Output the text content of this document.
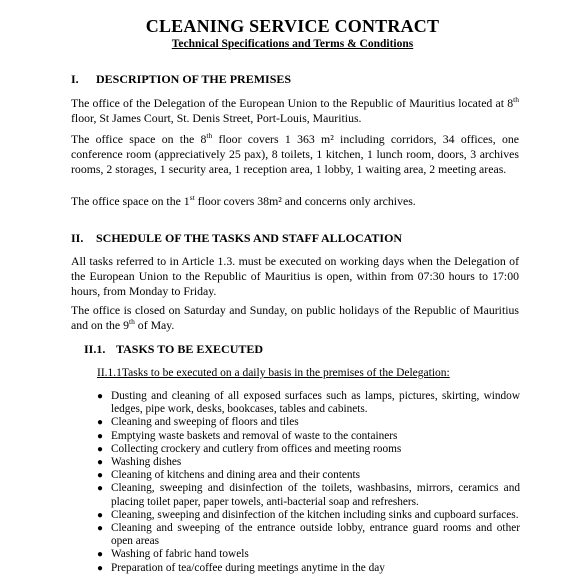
CLEANING SERVICE CONTRACT
Technical Specifications and Terms & Conditions
I. DESCRIPTION OF THE PREMISES
The office of the Delegation of the European Union to the Republic of Mauritius located at 8th floor, St James Court, St. Denis Street, Port-Louis, Mauritius.
The office space on the 8th floor covers 1 363 m² including corridors, 34 offices, one conference room (appreciatively 25 pax), 8 toilets, 1 kitchen, 1 lunch room, doors, 3 archives rooms, 2 storages, 1 security area, 1 reception area, 1 lobby, 1 waiting area, 2 meeting areas.
The office space on the 1st floor covers 38m² and concerns only archives.
II. SCHEDULE OF THE TASKS AND STAFF ALLOCATION
All tasks referred to in Article 1.3. must be executed on working days when the Delegation of the European Union to the Republic of Mauritius is open, within from 07:30 hours to 17:00 hours, from Monday to Friday.
The office is closed on Saturday and Sunday, on public holidays of the Republic of Mauritius and on the 9th of May.
II.1. TASKS TO BE EXECUTED
II.1.1Tasks to be executed on a daily basis in the premises of the Delegation:
● Dusting and cleaning of all exposed surfaces such as lamps, pictures, skirting, window ledges, pipe work, desks, bookcases, tables and cabinets.
● Cleaning and sweeping of floors and tiles
● Emptying waste baskets and removal of waste to the containers
● Collecting crockery and cutlery from offices and meeting rooms
● Washing dishes
● Cleaning of kitchens and dining area and their contents
● Cleaning, sweeping and disinfection of the toilets, washbasins, mirrors, ceramics and placing toilet paper, paper towels, anti-bacterial soap and refreshers.
● Cleaning, sweeping and disinfection of the kitchen including sinks and cupboard surfaces.
● Cleaning and sweeping of the entrance outside lobby, entrance guard rooms and other open areas
● Washing of fabric hand towels
● Preparation of tea/coffee during meetings anytime in the day
